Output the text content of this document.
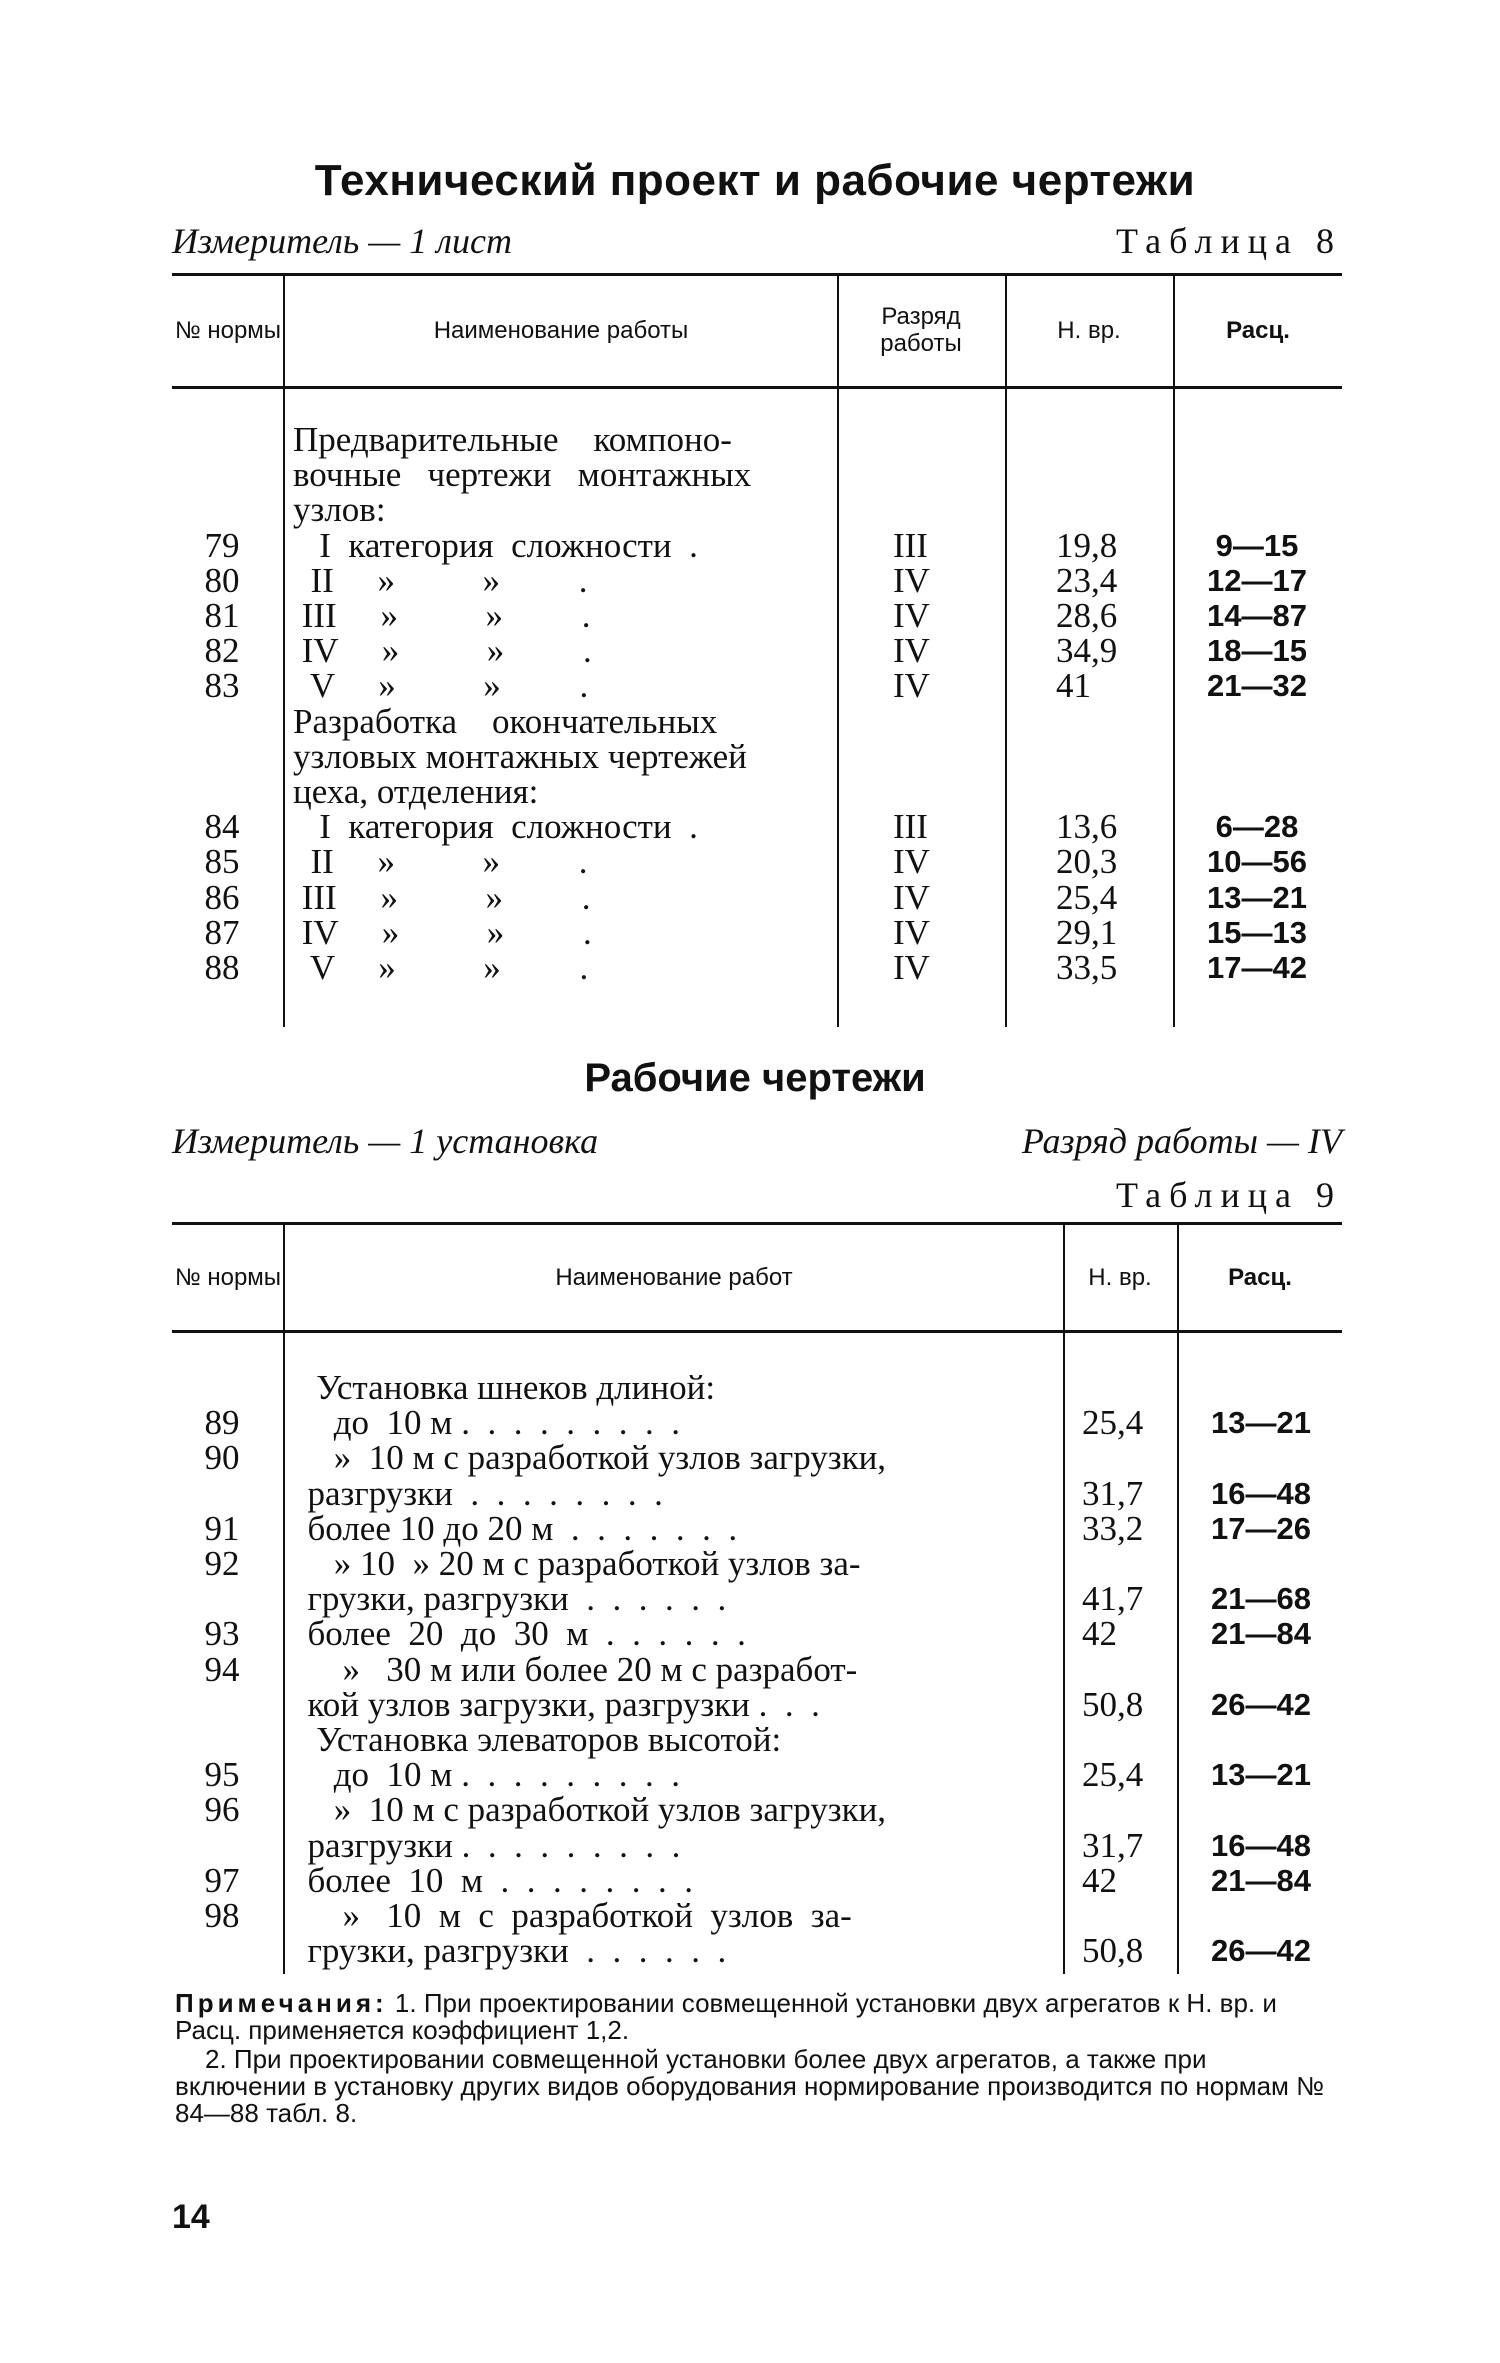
Технический проект и рабочие чертежи
Измеритель — 1 лист	Таблица 8
№ нормы	Наименование работы	Разряд работы	Н. вр.	Расц.
Предварительные    компоно-
вочные   чертежи   монтажных
узлов:
79	I  категория  сложности  .	III	19,8	9—15
80	II     »          »         .	IV	23,4	12—17
81	III     »          »         .	IV	28,6	14—87
82	IV     »          »         .	IV	34,9	18—15
83	V     »          »         .	IV	41	21—32
Разработка    окончательных
узловых монтажных чертежей
цеха, отделения:
84	I  категория  сложности  .	III	13,6	6—28
85	II     »          »         .	IV	20,3	10—56
86	III     »          »         .	IV	25,4	13—21
87	IV     »          »         .	IV	29,1	15—13
88	V     »          »         .	IV	33,5	17—42
Рабочие чертежи
Измеритель — 1 установка	Разряд работы — IV
Таблица 9
№ нормы	Наименование работ	Н. вр.	Расц.
Установка шнеков длиной:
89	до  10 м .  .  .  .  .  .  .  .  .	25,4	13—21
90	»  10 м с разработкой узлов загрузки,
разгрузки  .  .  .  .  .  .  .  .	31,7	16—48
91	более 10 до 20 м  .  .  .  .  .  .  .	33,2	17—26
92	» 10  » 20 м с разработкой узлов за-
грузки, разгрузки  .  .  .  .  .  .	41,7	21—68
93	более  20  до  30  м  .  .  .  .  .  .	42	21—84
94	»   30 м или более 20 м с разработ-
кой узлов загрузки, разгрузки .  .  .	50,8	26—42
Установка элеваторов высотой:
95	до  10 м .  .  .  .  .  .  .  .  .	25,4	13—21
96	»  10 м с разработкой узлов загрузки,
разгрузки .  .  .  .  .  .  .  .  .	31,7	16—48
97	более  10  м  .  .  .  .  .  .  .  .	42	21—84
98	»   10  м  с  разработкой  узлов  за-
грузки, разгрузки  .  .  .  .  .  .	50,8	26—42
Примечания: 1. При проектировании совмещенной установки двух агрегатов к Н. вр. и Расц. применяется коэффициент 1,2.
2. При проектировании совмещенной установки более двух агрегатов, а также при включении в установку других видов оборудования нормирование производится по нормам № 84—88 табл. 8.
14
